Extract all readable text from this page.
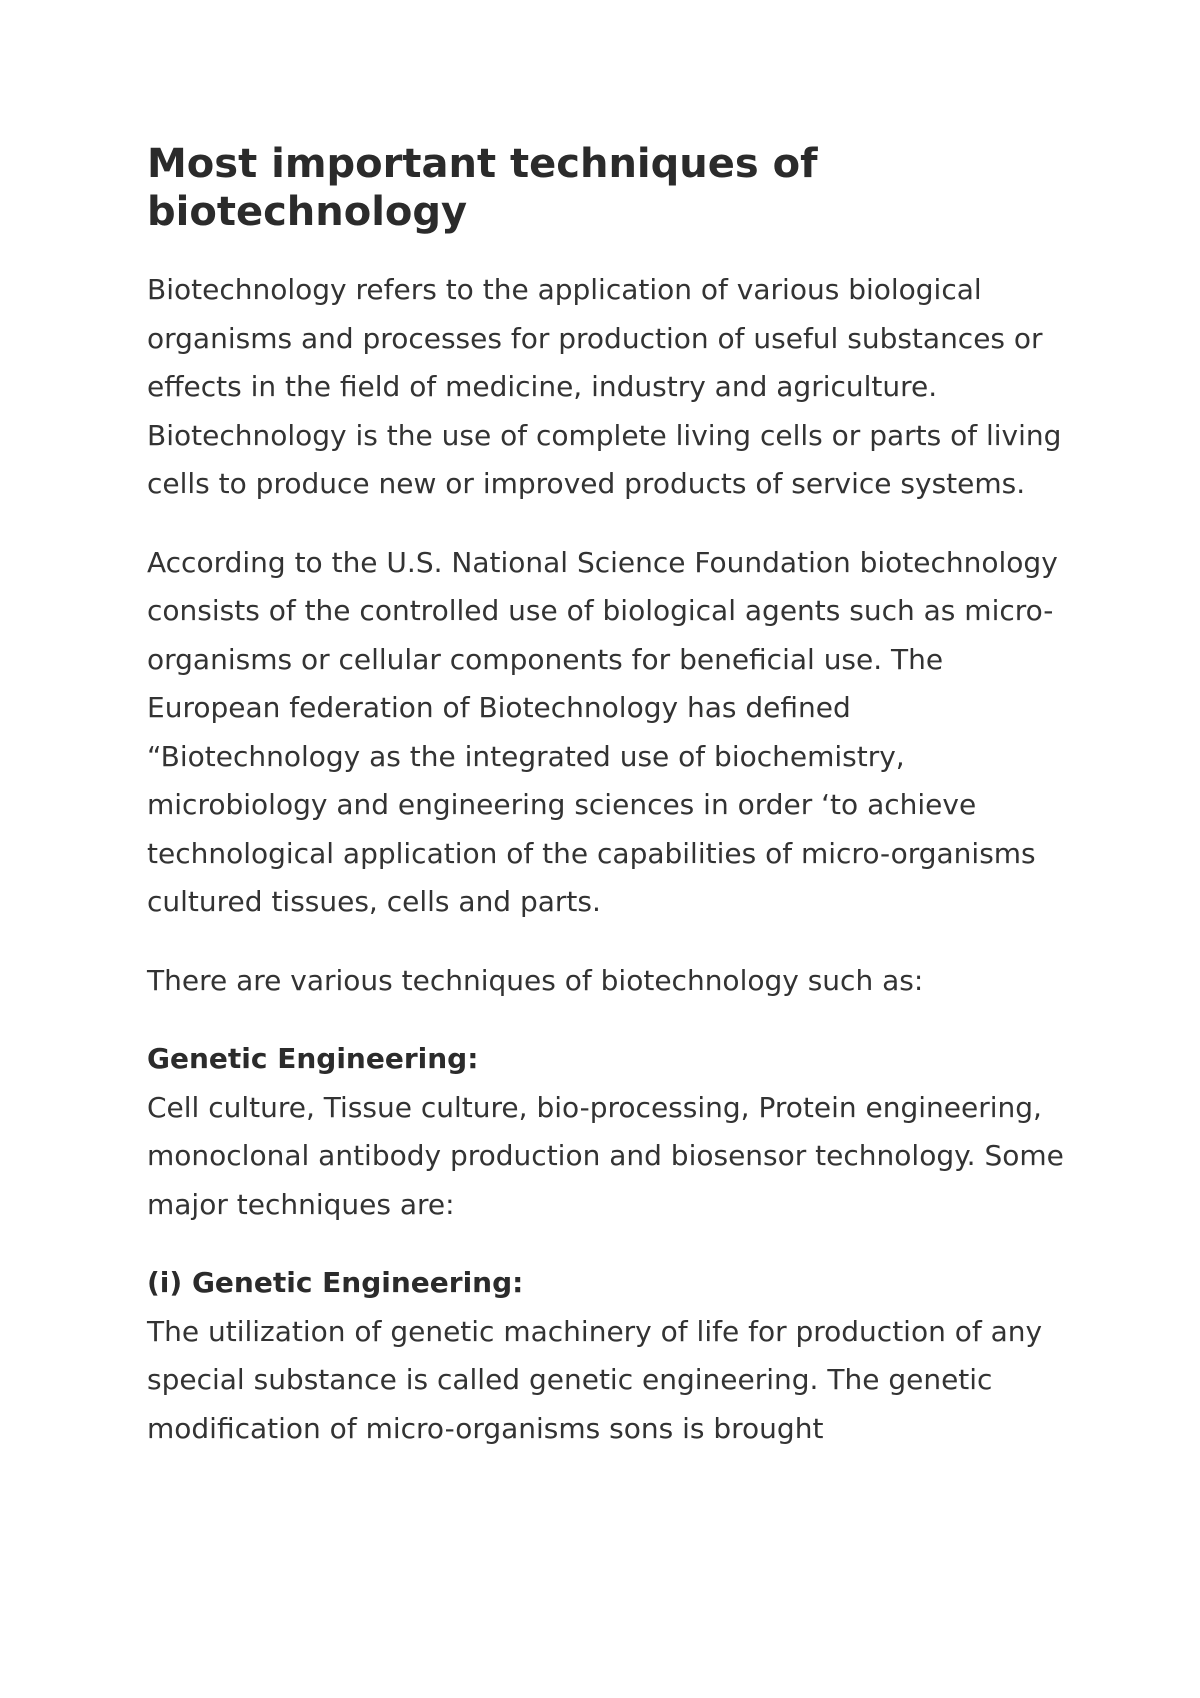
Most important techniques of biotechnology

Biotechnology refers to the application of various biological organisms and processes for production of useful substances or effects in the field of medicine, industry and agriculture. Biotechnology is the use of complete living cells or parts of living cells to produce new or improved products of service systems.

According to the U.S. National Science Foundation biotechnology consists of the controlled use of biological agents such as micro-organisms or cellular components for beneficial use. The European federation of Biotechnology has defined “Biotechnology as the integrated use of biochemistry, microbiology and engineering sciences in order ‘to achieve technological application of the capabilities of micro-organisms cultured tissues, cells and parts.

There are various techniques of biotechnology such as:

Genetic Engineering:
Cell culture, Tissue culture, bio-processing, Protein engineering, monoclonal antibody production and biosensor technology. Some major techniques are:
(i) Genetic Engineering:
The utilization of genetic machinery of life for production of any special substance is called genetic engineering. The genetic modification of micro-organisms sons is brought
